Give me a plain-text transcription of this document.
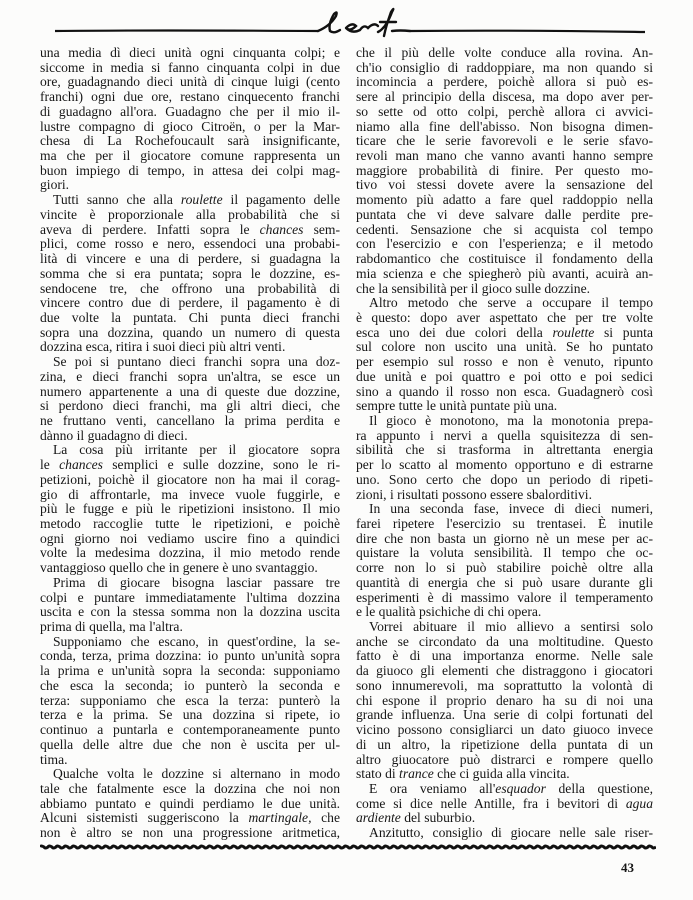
una media dì dieci unità ogni cinquanta colpi; e
siccome in media si fanno cinquanta colpi in due
ore, guadagnando dieci unità di cinque luigi (cento
franchi) ogni due ore, restano cinquecento franchi
di guadagno all'ora. Guadagno che per il mio il-
lustre compagno di gioco Citroën, o per la Mar-
chesa di La Rochefoucault sarà insignificante,
ma che per il giocatore comune rappresenta un
buon impiego di tempo, in attesa dei colpi mag-
giori.
Tutti sanno che alla roulette il pagamento delle
vincite è proporzionale alla probabilità che si
aveva di perdere. Infatti sopra le chances sem-
plici, come rosso e nero, essendoci una probabi-
lità di vincere e una di perdere, si guadagna la
somma che si era puntata; sopra le dozzine, es-
sendocene tre, che offrono una probabilità di
vincere contro due di perdere, il pagamento è di
due volte la puntata. Chi punta dieci franchi
sopra una dozzina, quando un numero di questa
dozzina esca, ritira i suoi dieci più altri venti.
Se poi si puntano dieci franchi sopra una doz-
zina, e dieci franchi sopra un'altra, se esce un
numero appartenente a una di queste due dozzine,
si perdono dieci franchi, ma gli altri dieci, che
ne fruttano venti, cancellano la prima perdita e
dànno il guadagno di dieci.
La cosa più irritante per il giocatore sopra
le chances semplici e sulle dozzine, sono le ri-
petizioni, poichè il giocatore non ha mai il corag-
gio di affrontarle, ma invece vuole fuggirle, e
più le fugge e più le ripetizioni insistono. Il mio
metodo raccoglie tutte le ripetizioni, e poichè
ogni giorno noi vediamo uscire fino a quindici
volte la medesima dozzina, il mio metodo rende
vantaggioso quello che in genere è uno svantaggio.
Prima di giocare bisogna lasciar passare tre
colpi e puntare immediatamente l'ultima dozzina
uscita e con la stessa somma non la dozzina uscita
prima di quella, ma l'altra.
Supponiamo che escano, in quest'ordine, la se-
conda, terza, prima dozzina: io punto un'unità sopra
la prima e un'unità sopra la seconda: supponiamo
che esca la seconda; io punterò la seconda e
terza: supponiamo che esca la terza: punterò la
terza e la prima. Se una dozzina si ripete, io
continuo a puntarla e contemporaneamente punto
quella delle altre due che non è uscita per ul-
tima.
Qualche volta le dozzine si alternano in modo
tale che fatalmente esce la dozzina che noi non
abbiamo puntato e quindi perdiamo le due unità.
Alcuni sistemisti suggeriscono la martingale, che
non è altro se non una progressione aritmetica,
che il più delle volte conduce alla rovina. An-
ch'io consiglio di raddoppiare, ma non quando si
incomincia a perdere, poichè allora si può es-
sere al principio della discesa, ma dopo aver per-
so sette od otto colpi, perchè allora ci avvici-
niamo alla fine dell'abisso. Non bisogna dimen-
ticare che le serie favorevoli e le serie sfavo-
revoli man mano che vanno avanti hanno sempre
maggiore probabilità di finire. Per questo mo-
tivo voi stessi dovete avere la sensazione del
momento più adatto a fare quel raddoppio nella
puntata che vi deve salvare dalle perdite pre-
cedenti. Sensazione che si acquista col tempo
con l'esercizio e con l'esperienza; e il metodo
rabdomantico che costituisce il fondamento della
mia scienza e che spiegherò più avanti, acuirà an-
che la sensibilità per il gioco sulle dozzine.
Altro metodo che serve a occupare il tempo
è questo: dopo aver aspettato che per tre volte
esca uno dei due colori della roulette si punta
sul colore non uscito una unità. Se ho puntato
per esempio sul rosso e non è venuto, ripunto
due unità e poi quattro e poi otto e poi sedici
sino a quando il rosso non esca. Guadagnerò così
sempre tutte le unità puntate più una.
Il gioco è monotono, ma la monotonia prepa-
ra appunto i nervi a quella squisitezza di sen-
sibilità che si trasforma in altrettanta energia
per lo scatto al momento opportuno e di estrarne
uno. Sono certo che dopo un periodo di ripeti-
zioni, i risultati possono essere sbalorditivi.
In una seconda fase, invece di dieci numeri,
farei ripetere l'esercizio su trentasei. È inutile
dire che non basta un giorno nè un mese per ac-
quistare la voluta sensibilità. Il tempo che oc-
corre non lo si può stabilire poichè oltre alla
quantità di energia che si può usare durante gli
esperimenti è di massimo valore il temperamento
e le qualità psichiche di chi opera.
Vorrei abituare il mio allievo a sentirsi solo
anche se circondato da una moltitudine. Questo
fatto è di una importanza enorme. Nelle sale
da giuoco gli elementi che distraggono i giocatori
sono innumerevoli, ma soprattutto la volontà di
chi espone il proprio denaro ha su di noi una
grande influenza. Una serie di colpi fortunati del
vicino possono consigliarci un dato giuoco invece
di un altro, la ripetizione della puntata di un
altro giuocatore può distrarci e rompere quello
stato di trance che ci guida alla vincita.
E ora veniamo all'esquador della questione,
come si dice nelle Antille, fra i bevitori di agua
ardiente del suburbio.
Anzitutto, consiglio di giocare nelle sale riser-
43
